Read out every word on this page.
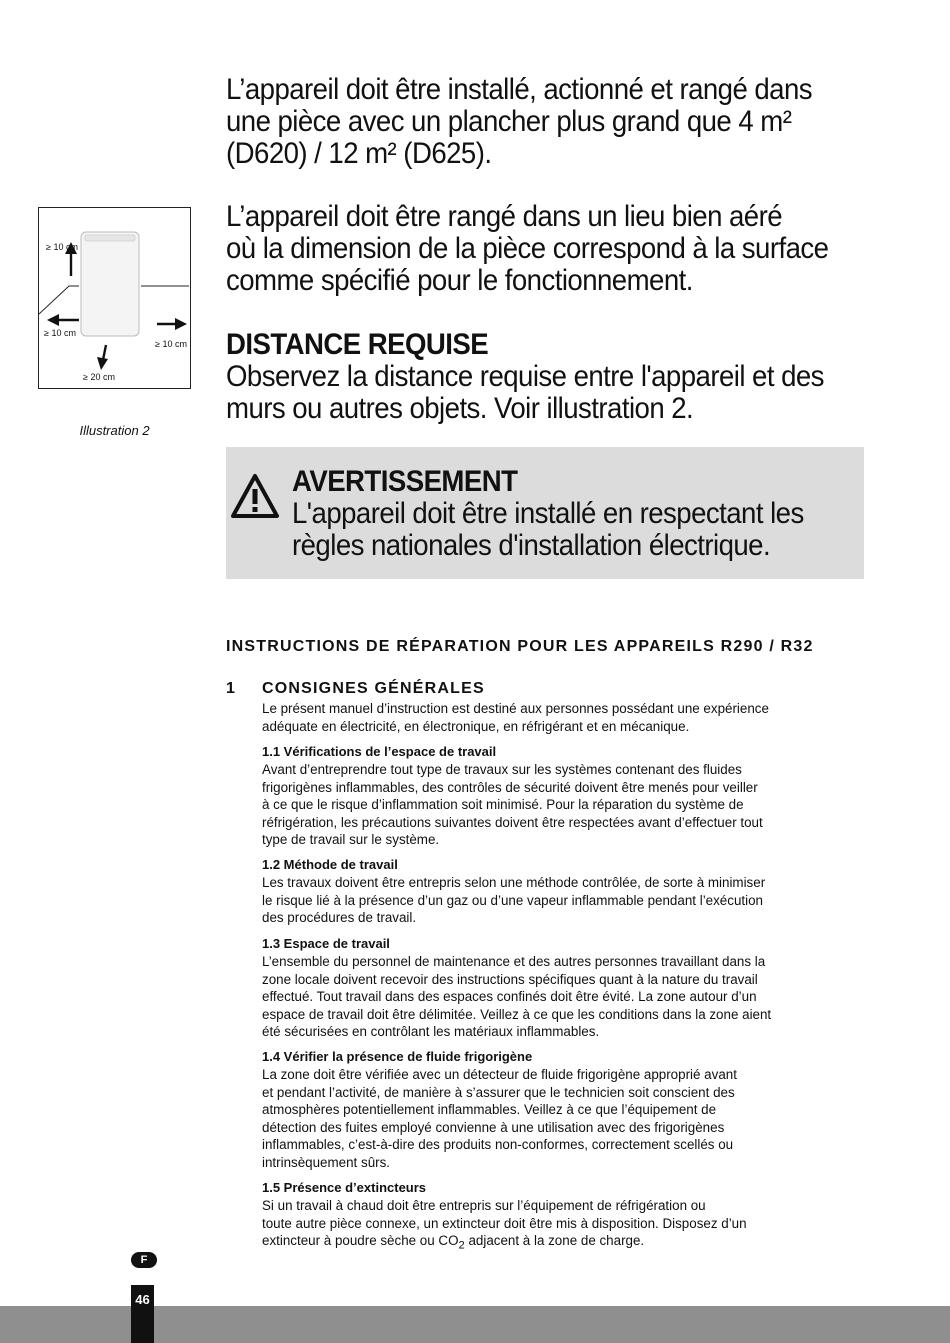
L’appareil doit être installé, actionné et rangé dans
une pièce avec un plancher plus grand que 4 m²
(D620) / 12 m² (D625).
L’appareil doit être rangé dans un lieu bien aéré
où la dimension de la pièce correspond à la surface
comme spécifié pour le fonctionnement.
DISTANCE REQUISE
Observez la distance requise entre l'appareil et des
murs ou autres objets. Voir illustration 2.
≥ 10 cm
≥ 10 cm
≥ 10 cm
≥ 20 cm
Illustration 2
AVERTISSEMENT
L'appareil doit être installé en respectant les
règles nationales d'installation électrique.
INSTRUCTIONS DE RÉPARATION POUR LES APPAREILS R290 / R32
1 CONSIGNES GÉNÉRALES

Le présent manuel d’instruction est destiné aux personnes possédant une expérience

adéquate en électricité, en électronique, en réfrigérant et en mécanique.

1.1 Vérifications de l’espace de travail

Avant d’entreprendre tout type de travaux sur les systèmes contenant des fluides

frigorigènes inflammables, des contrôles de sécurité doivent être menés pour veiller

à ce que le risque d’inflammation soit minimisé. Pour la réparation du système de

réfrigération, les précautions suivantes doivent être respectées avant d’effectuer tout

type de travail sur le système.

1.2 Méthode de travail

Les travaux doivent être entrepris selon une méthode contrôlée, de sorte à minimiser

le risque lié à la présence d’un gaz ou d’une vapeur inflammable pendant l’exécution

des procédures de travail.

1.3 Espace de travail

L’ensemble du personnel de maintenance et des autres personnes travaillant dans la

zone locale doivent recevoir des instructions spécifiques quant à la nature du travail

effectué. Tout travail dans des espaces confinés doit être évité. La zone autour d’un

espace de travail doit être délimitée. Veillez à ce que les conditions dans la zone aient

été sécurisées en contrôlant les matériaux inflammables.

1.4 Vérifier la présence de fluide frigorigène

La zone doit être vérifiée avec un détecteur de fluide frigorigène approprié avant

et pendant l’activité, de manière à s’assurer que le technicien soit conscient des

atmosphères potentiellement inflammables. Veillez à ce que l’équipement de

détection des fuites employé convienne à une utilisation avec des frigorigènes

inflammables, c’est-à-dire des produits non-conformes, correctement scellés ou

intrinsèquement sûrs.

1.5 Présence d’extincteurs

Si un travail à chaud doit être entrepris sur l’équipement de réfrigération ou

toute autre pièce connexe, un extincteur doit être mis à disposition. Disposez d’un

extincteur à poudre sèche ou $CO_2$ adjacent à la zone de charge.

F
46
